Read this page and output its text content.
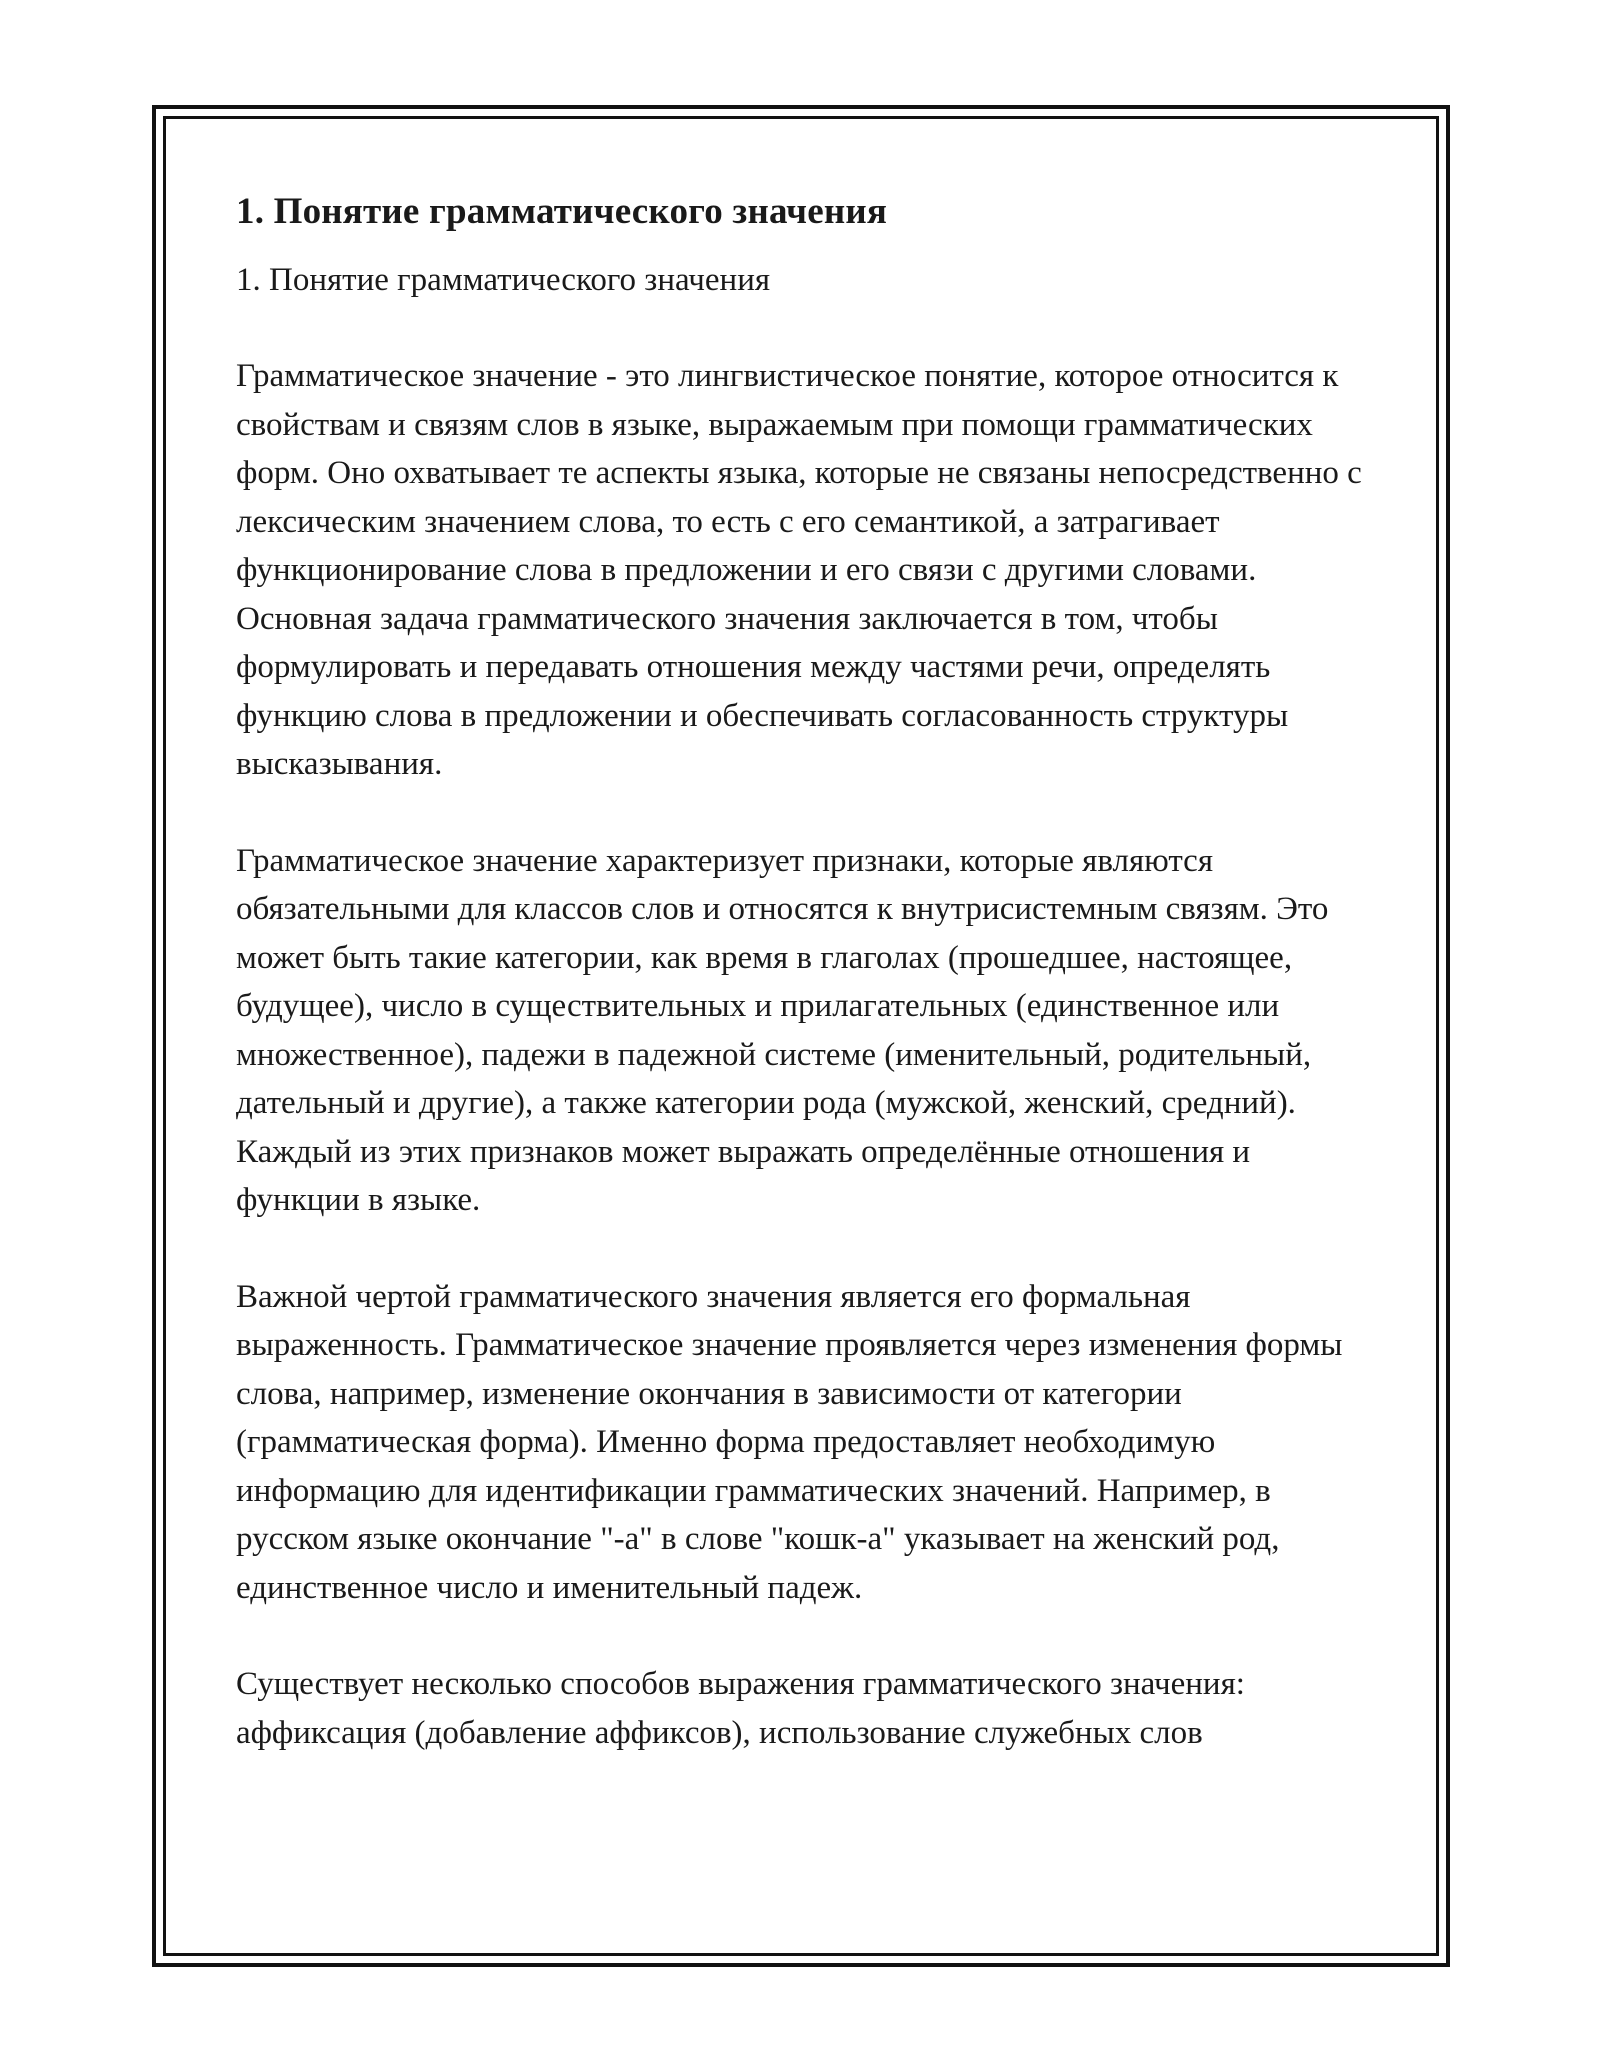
1. Понятие грамматического значения

1. Понятие грамматического значения

Грамматическое значение - это лингвистическое понятие, которое относится к свойствам и связям слов в языке, выражаемым при помощи грамматических форм. Оно охватывает те аспекты языка, которые не связаны непосредственно с лексическим значением слова, то есть с его семантикой, а затрагивает функционирование слова в предложении и его связи с другими словами. Основная задача грамматического значения заключается в том, чтобы формулировать и передавать отношения между частями речи, определять функцию слова в предложении и обеспечивать согласованность структуры высказывания.

Грамматическое значение характеризует признаки, которые являются обязательными для классов слов и относятся к внутрисистемным связям. Это может быть такие категории, как время в глаголах (прошедшее, настоящее, будущее), число в существительных и прилагательных (единственное или множественное), падежи в падежной системе (именительный, родительный, дательный и другие), а также категории рода (мужской, женский, средний). Каждый из этих признаков может выражать определённые отношения и функции в языке.

Важной чертой грамматического значения является его формальная выраженность. Грамматическое значение проявляется через изменения формы слова, например, изменение окончания в зависимости от категории (грамматическая форма). Именно форма предоставляет необходимую информацию для идентификации грамматических значений. Например, в русском языке окончание "-а" в слове "кошк-а" указывает на женский род, единственное число и именительный падеж.

Существует несколько способов выражения грамматического значения: аффиксация (добавление аффиксов), использование служебных слов
